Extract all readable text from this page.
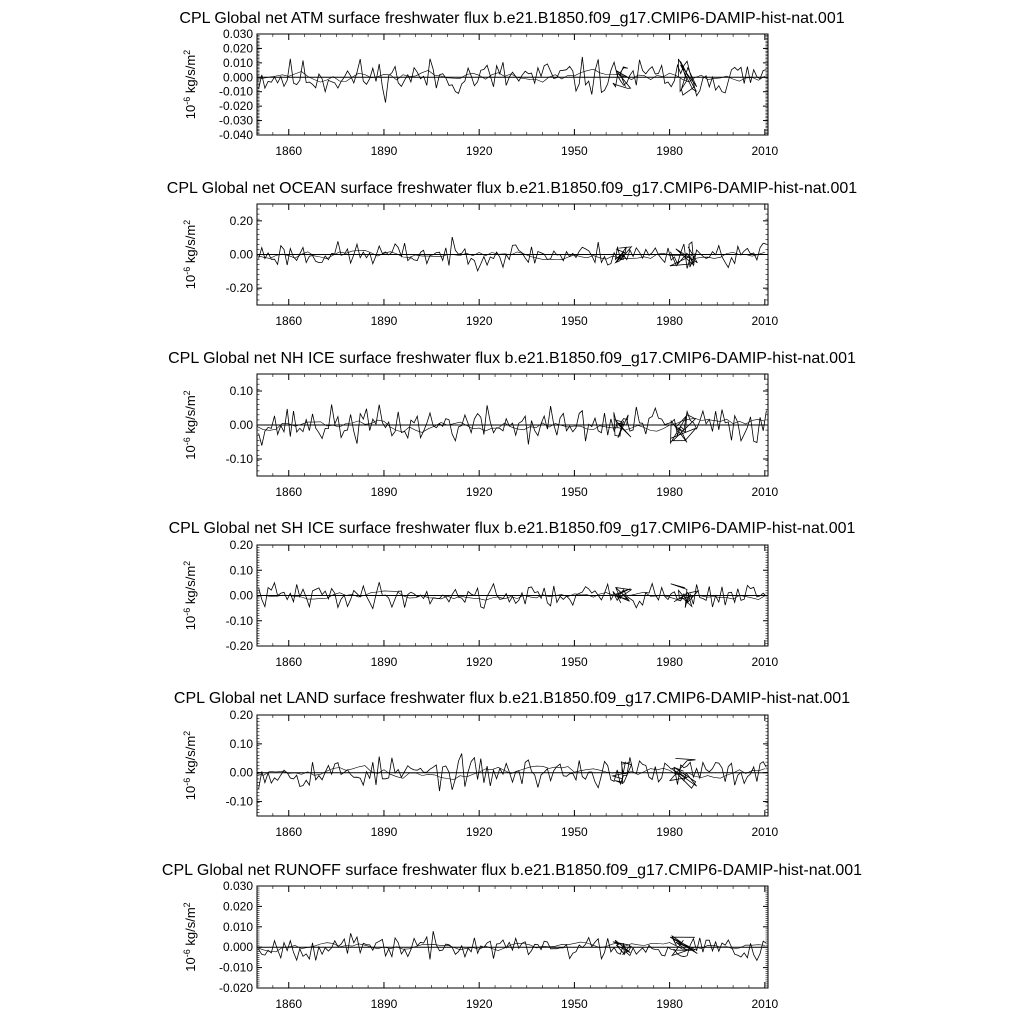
CPL Global net ATM surface freshwater flux b.e21.B1850.f09_g17.CMIP6-DAMIP-hist-nat.001
0.030
0.020
0.010
0.000
-0.010
-0.020
-0.030
-0.040
1860	1890	1920	1950	1980	2010
$10^{-6}$ $kg/s/m^2$
CPL Global net OCEAN surface freshwater flux b.e21.B1850.f09_g17.CMIP6-DAMIP-hist-nat.001
0.20
0.00
-0.20
1860	1890	1920	1950	1980	2010
$10^{-6}$ $kg/s/m^2$
CPL Global net NH ICE surface freshwater flux b.e21.B1850.f09_g17.CMIP6-DAMIP-hist-nat.001
0.10
0.00
-0.10
1860	1890	1920	1950	1980	2010
$10^{-6}$ $kg/s/m^2$
CPL Global net SH ICE surface freshwater flux b.e21.B1850.f09_g17.CMIP6-DAMIP-hist-nat.001
0.20
0.10
0.00
-0.10
-0.20
1860	1890	1920	1950	1980	2010
$10^{-6}$ $kg/s/m^2$
CPL Global net LAND surface freshwater flux b.e21.B1850.f09_g17.CMIP6-DAMIP-hist-nat.001
0.20
0.10
0.00
-0.10
1860	1890	1920	1950	1980	2010
$10^{-6}$ $kg/s/m^2$
CPL Global net RUNOFF surface freshwater flux b.e21.B1850.f09_g17.CMIP6-DAMIP-hist-nat.001
0.030
0.020
0.010
0.000
-0.010
-0.020
1860	1890	1920	1950	1980	2010
$10^{-6}$ $kg/s/m^2$
